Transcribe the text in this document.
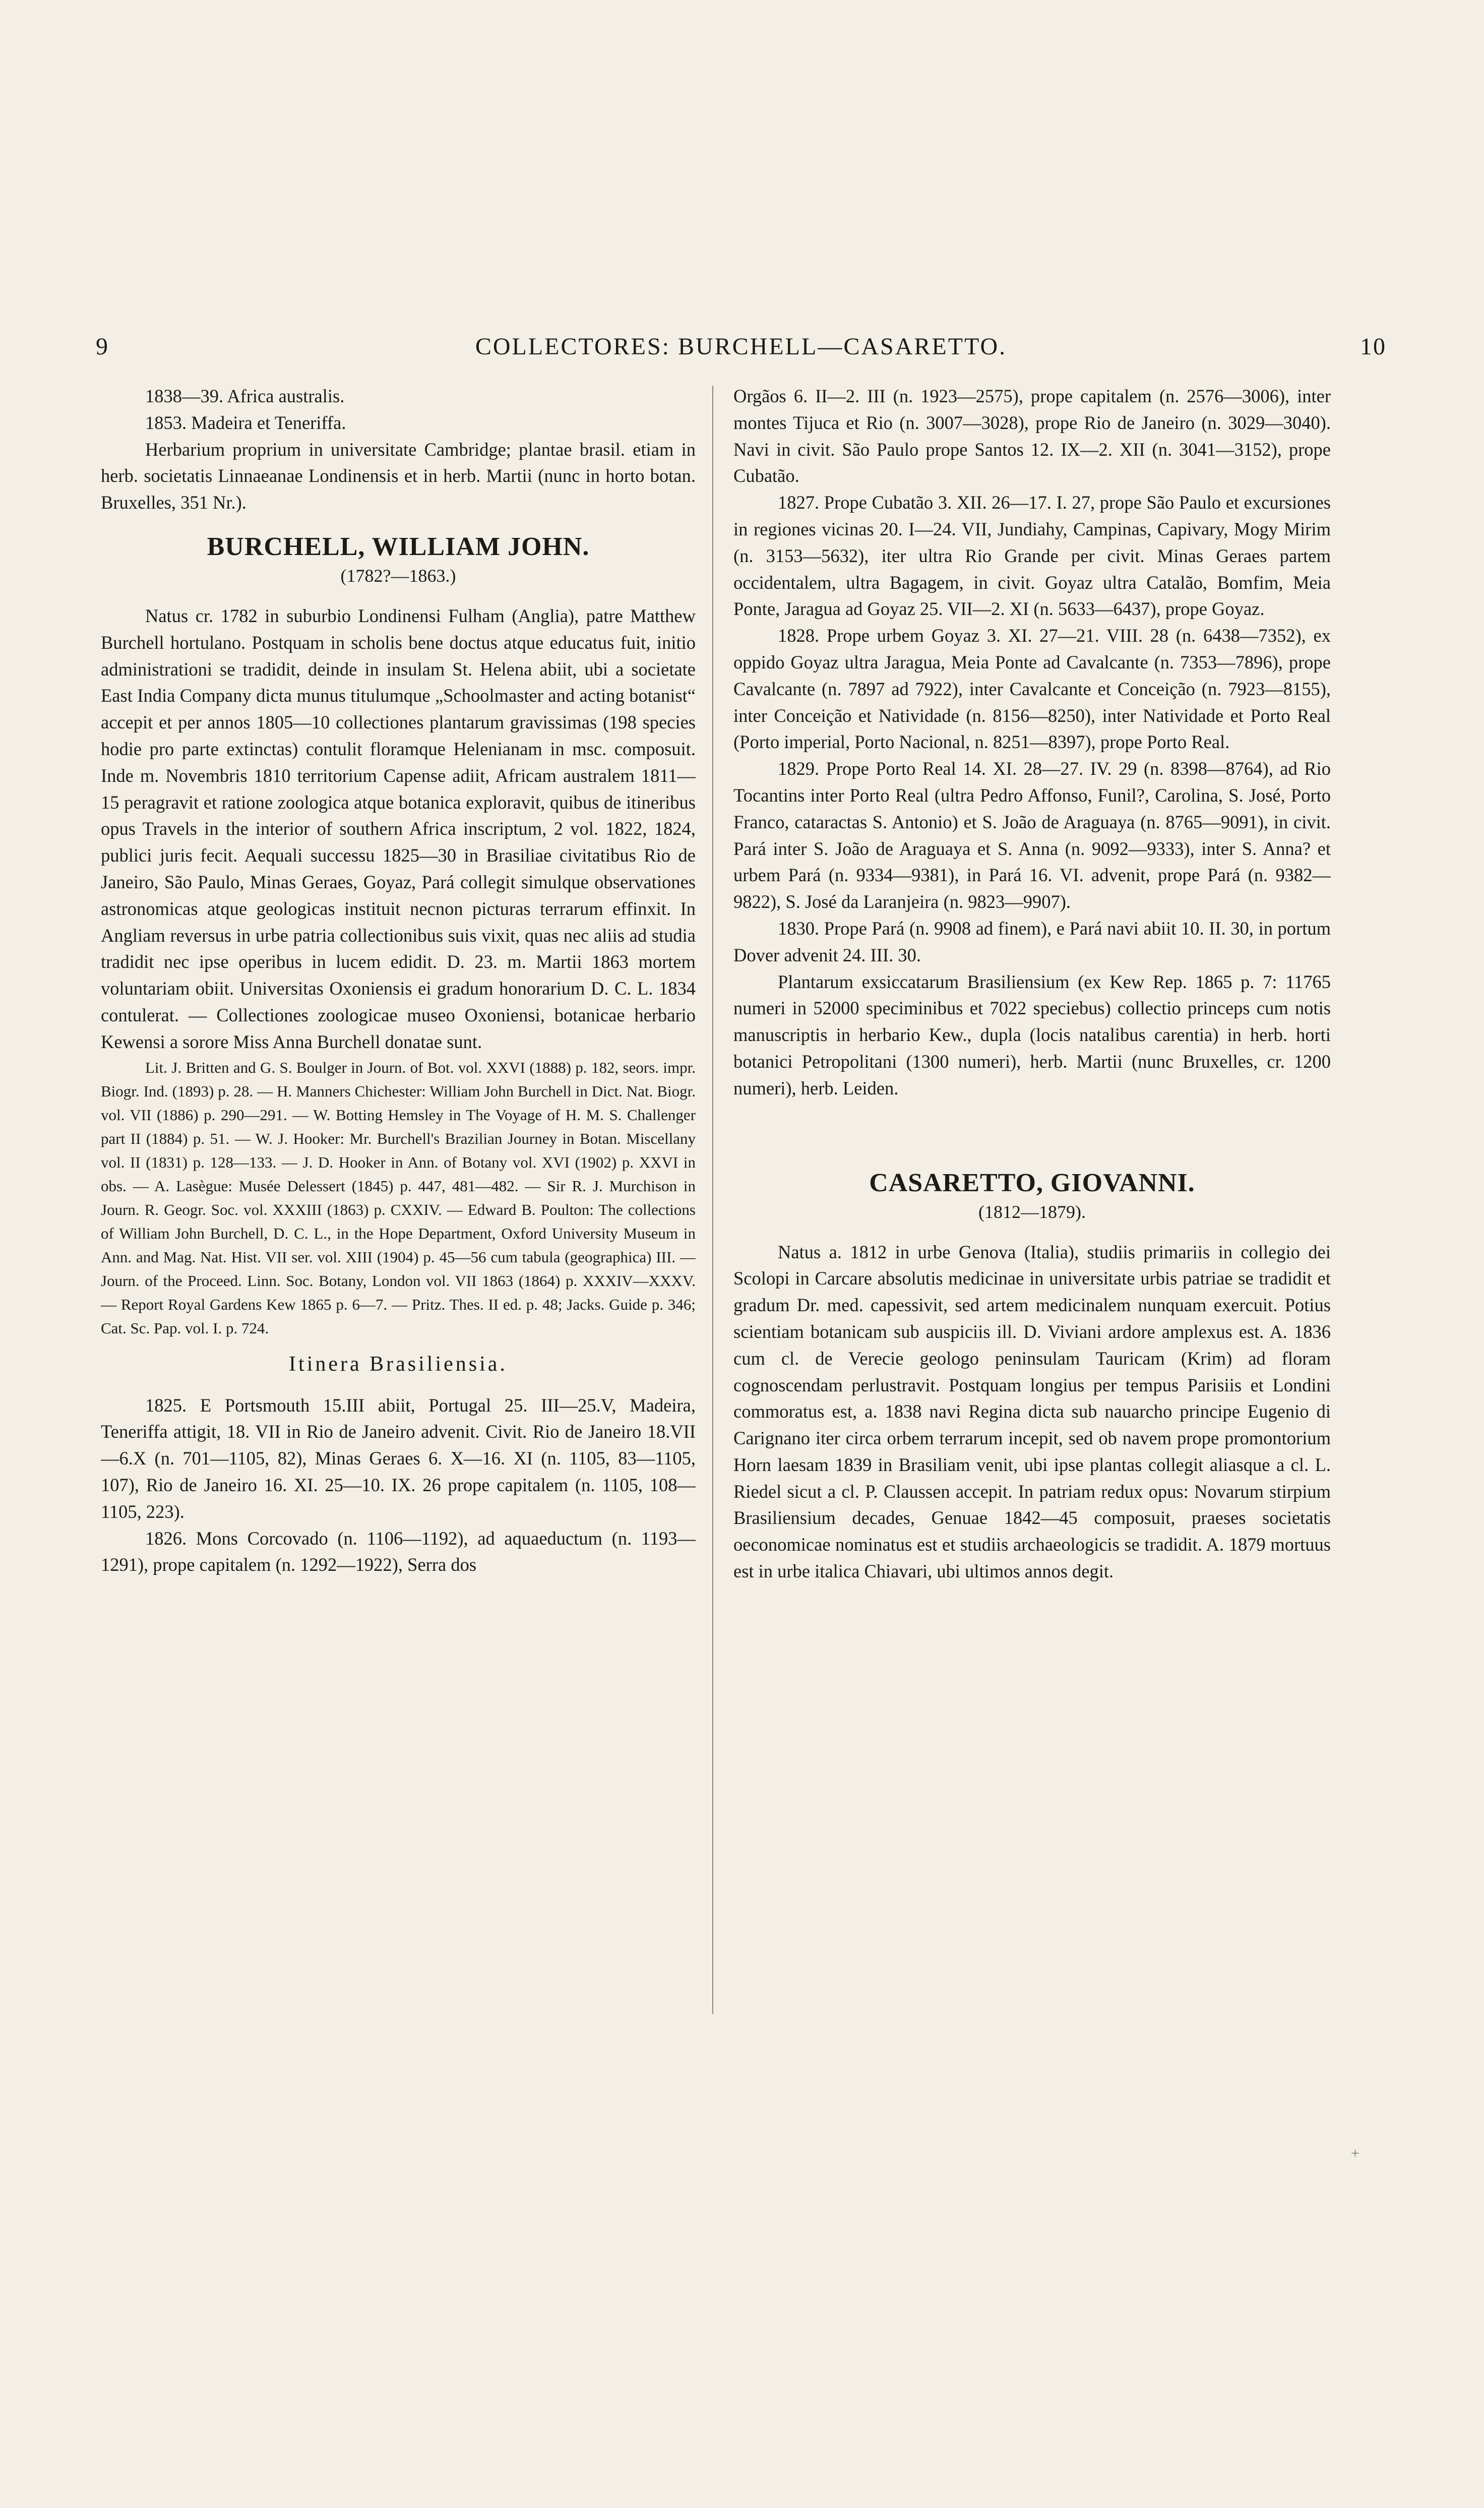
9	COLLECTORES: BURCHELL—CASARETTO.	10

1838—39. Africa australis.

1853. Madeira et Teneriffa.

Herbarium proprium in universitate Cambridge; plantae brasil. etiam in herb. societatis Linnaeanae Londinensis et in herb. Martii (nunc in horto botan. Bruxelles, 351 Nr.).

BURCHELL, WILLIAM JOHN.
(1782?—1863.)

Natus cr. 1782 in suburbio Londinensi Fulham (Anglia), patre Matthew Burchell hortulano. Postquam in scholis bene doctus atque educatus fuit, initio administrationi se tradidit, deinde in insulam St. Helena abiit, ubi a societate East India Company dicta munus titulumque „Schoolmaster and acting botanist“ accepit et per annos 1805—10 collectiones plantarum gravissimas (198 species hodie pro parte extinctas) contulit floramque Helenianam in msc. composuit. Inde m. Novembris 1810 territorium Capense adiit, Africam australem 1811—15 peragravit et ratione zoologica atque botanica exploravit, quibus de itineribus opus Travels in the interior of southern Africa inscriptum, 2 vol. 1822, 1824, publici juris fecit. Aequali successu 1825—30 in Brasiliae civitatibus Rio de Janeiro, São Paulo, Minas Geraes, Goyaz, Pará collegit simulque observationes astronomicas atque geologicas instituit necnon picturas terrarum effinxit. In Angliam reversus in urbe patria collectionibus suis vixit, quas nec aliis ad studia tradidit nec ipse operibus in lucem edidit. D. 23. m. Martii 1863 mortem voluntariam obiit. Universitas Oxoniensis ei gradum honorarium D. C. L. 1834 contulerat. — Collectiones zoologicae museo Oxoniensi, botanicae herbario Kewensi a sorore Miss Anna Burchell donatae sunt.

Lit. J. Britten and G. S. Boulger in Journ. of Bot. vol. XXVI (1888) p. 182, seors. impr. Biogr. Ind. (1893) p. 28. — H. Manners Chichester: William John Burchell in Dict. Nat. Biogr. vol. VII (1886) p. 290—291. — W. Botting Hemsley in The Voyage of H. M. S. Challenger part II (1884) p. 51. — W. J. Hooker: Mr. Burchell's Brazilian Journey in Botan. Miscellany vol. II (1831) p. 128—133. — J. D. Hooker in Ann. of Botany vol. XVI (1902) p. XXVI in obs. — A. Lasègue: Musée Delessert (1845) p. 447, 481—482. — Sir R. J. Murchison in Journ. R. Geogr. Soc. vol. XXXIII (1863) p. CXXIV. — Edward B. Poulton: The collections of William John Burchell, D. C. L., in the Hope Department, Oxford University Museum in Ann. and Mag. Nat. Hist. VII ser. vol. XIII (1904) p. 45—56 cum tabula (geographica) III. — Journ. of the Proceed. Linn. Soc. Botany, London vol. VII 1863 (1864) p. XXXIV—XXXV. — Report Royal Gardens Kew 1865 p. 6—7. — Pritz. Thes. II ed. p. 48; Jacks. Guide p. 346; Cat. Sc. Pap. vol. I. p. 724.

Itinera Brasiliensia.

1825. E Portsmouth 15.III abiit, Portugal 25. III—25.V, Madeira, Teneriffa attigit, 18. VII in Rio de Janeiro advenit. Civit. Rio de Janeiro 18.VII—6.X (n. 701—1105, 82), Minas Geraes 6. X—16. XI (n. 1105, 83—1105, 107), Rio de Janeiro 16. XI. 25—10. IX. 26 prope capitalem (n. 1105, 108—1105, 223).

1826. Mons Corcovado (n. 1106—1192), ad aquaeductum (n. 1193—1291), prope capitalem (n. 1292—1922), Serra dos

Orgãos 6. II—2. III (n. 1923—2575), prope capitalem (n. 2576—3006), inter montes Tijuca et Rio (n. 3007—3028), prope Rio de Janeiro (n. 3029—3040). Navi in civit. São Paulo prope Santos 12. IX—2. XII (n. 3041—3152), prope Cubatão.

1827. Prope Cubatão 3. XII. 26—17. I. 27, prope São Paulo et excursiones in regiones vicinas 20. I—24. VII, Jundiahy, Campinas, Capivary, Mogy Mirim (n. 3153—5632), iter ultra Rio Grande per civit. Minas Geraes partem occidentalem, ultra Bagagem, in civit. Goyaz ultra Catalão, Bomfim, Meia Ponte, Jaragua ad Goyaz 25. VII—2. XI (n. 5633—6437), prope Goyaz.

1828. Prope urbem Goyaz 3. XI. 27—21. VIII. 28 (n. 6438—7352), ex oppido Goyaz ultra Jaragua, Meia Ponte ad Cavalcante (n. 7353—7896), prope Cavalcante (n. 7897 ad 7922), inter Cavalcante et Conceição (n. 7923—8155), inter Conceição et Natividade (n. 8156—8250), inter Natividade et Porto Real (Porto imperial, Porto Nacional, n. 8251—8397), prope Porto Real.

1829. Prope Porto Real 14. XI. 28—27. IV. 29 (n. 8398—8764), ad Rio Tocantins inter Porto Real (ultra Pedro Affonso, Funil?, Carolina, S. José, Porto Franco, cataractas S. Antonio) et S. João de Araguaya (n. 8765—9091), in civit. Pará inter S. João de Araguaya et S. Anna (n. 9092—9333), inter S. Anna? et urbem Pará (n. 9334—9381), in Pará 16. VI. advenit, prope Pará (n. 9382—9822), S. José da Laranjeira (n. 9823—9907).

1830. Prope Pará (n. 9908 ad finem), e Pará navi abiit 10. II. 30, in portum Dover advenit 24. III. 30.

Plantarum exsiccatarum Brasiliensium (ex Kew Rep. 1865 p. 7: 11765 numeri in 52000 speciminibus et 7022 speciebus) collectio princeps cum notis manuscriptis in herbario Kew., dupla (locis natalibus carentia) in herb. horti botanici Petropolitani (1300 numeri), herb. Martii (nunc Bruxelles, cr. 1200 numeri), herb. Leiden.

CASARETTO, GIOVANNI.
(1812—1879).

Natus a. 1812 in urbe Genova (Italia), studiis primariis in collegio dei Scolopi in Carcare absolutis medicinae in universitate urbis patriae se tradidit et gradum Dr. med. capessivit, sed artem medicinalem nunquam exercuit. Potius scientiam botanicam sub auspiciis ill. D. Viviani ardore amplexus est. A. 1836 cum cl. de Verecie geologo peninsulam Tauricam (Krim) ad floram cognoscendam perlustravit. Postquam longius per tempus Parisiis et Londini commoratus est, a. 1838 navi Regina dicta sub nauarcho principe Eugenio di Carignano iter circa orbem terrarum incepit, sed ob navem prope promontorium Horn laesam 1839 in Brasiliam venit, ubi ipse plantas collegit aliasque a cl. L. Riedel sicut a cl. P. Claussen accepit. In patriam redux opus: Novarum stirpium Brasiliensium decades, Genuae 1842—45 composuit, praeses societatis oeconomicae nominatus est et studiis archaeologicis se tradidit. A. 1879 mortuus est in urbe italica Chiavari, ubi ultimos annos degit.

+
